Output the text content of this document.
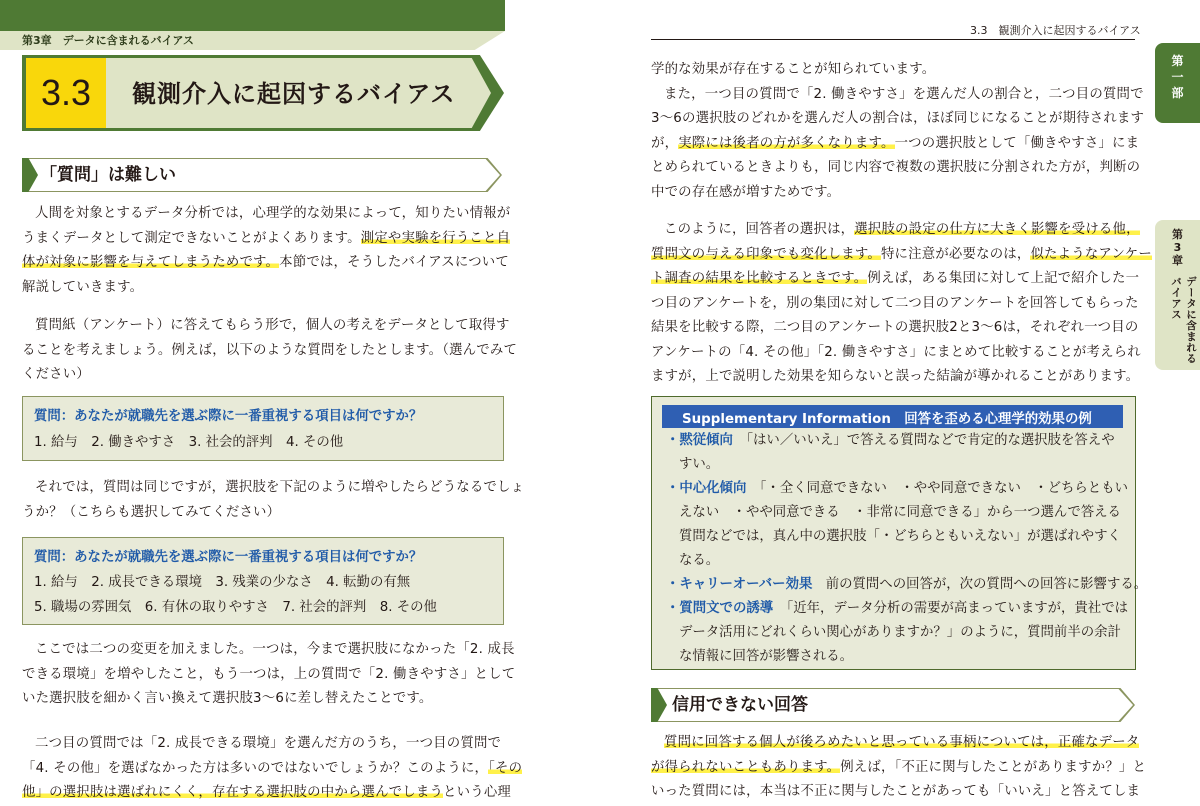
第3章　データに含まれるバイアス
3.3	観測介入に起因するバイアス
「質問」は難しい

人間を対象とするデータ分析では，心理学的な効果によって，知りたい情報が

うまくデータとして測定できないことがよくあります。測定や実験を行うこと自

体が対象に影響を与えてしまうためです。本節では，そうしたバイアスについて

解説していきます。

質問紙（アンケート）に答えてもらう形で，個人の考えをデータとして取得す

ることを考えましょう。例えば，以下のような質問をしたとします。（選んでみて

ください）

質問：あなたが就職先を選ぶ際に一番重視する項目は何ですか？
1. 給与　2. 働きやすさ　3. 社会的評判　4. その他

それでは，質問は同じですが，選択肢を下記のように増やしたらどうなるでしょ

うか？（こちらも選択してみてください）

質問：あなたが就職先を選ぶ際に一番重視する項目は何ですか？
1. 給与　2. 成長できる環境　3. 残業の少なさ　4. 転勤の有無
5. 職場の雰囲気　6. 有休の取りやすさ　7. 社会的評判　8. その他

ここでは二つの変更を加えました。一つは，今まで選択肢になかった「2. 成長

できる環境」を増やしたこと，もう一つは，上の質問で「2. 働きやすさ」として

いた選択肢を細かく言い換えて選択肢3〜6に差し替えたことです。

二つ目の質問では「2. 成長できる環境」を選んだ方のうち，一つ目の質問で

「4. その他」を選ばなかった方は多いのではないでしょうか？このように，「その

他」の選択肢は選ばれにくく，存在する選択肢の中から選んでしまうという心理

3.3　観測介入に起因するバイアス

学的な効果が存在することが知られています。

また，一つ目の質問で「2. 働きやすさ」を選んだ人の割合と，二つ目の質問で

3〜6の選択肢のどれかを選んだ人の割合は，ほぼ同じになることが期待されます

が，実際には後者の方が多くなります。一つの選択肢として「働きやすさ」にま

とめられているときよりも，同じ内容で複数の選択肢に分割された方が，判断の

中での存在感が増すためです。

このように，回答者の選択は，選択肢の設定の仕方に大きく影響を受ける他，

質問文の与える印象でも変化します。特に注意が必要なのは，似たようなアンケー

ト調査の結果を比較するときです。例えば，ある集団に対して上記で紹介した一

つ目のアンケートを，別の集団に対して二つ目のアンケートを回答してもらった

結果を比較する際，二つ目のアンケートの選択肢2と3〜6は，それぞれ一つ目の

アンケートの「4. その他」「2. 働きやすさ」にまとめて比較することが考えられ

ますが，上で説明した効果を知らないと誤った結論が導かれることがあります。

Supplementary Information　回答を歪める心理学的効果の例
・黙従傾向　 「はい／いいえ」で答える質問などで肯定的な選択肢を答えや
すい。
・中心化傾向　 「・全く同意できない　・やや同意できない　・どちらともい
えない　・やや同意できる　・非常に同意できる」から一つ選んで答える
質問などでは，真ん中の選択肢「・どちらともいえない」が選ばれやすく
なる。
・キャリーオーバー効果　 前の質問への回答が，次の質問への回答に影響する。
・質問文での誘導　 「近年，データ分析の需要が高まっていますが，貴社では
データ活用にどれくらい関心がありますか？」のように，質問前半の余計
な情報に回答が影響される。
信用できない回答

質問に回答する個人が後ろめたいと思っている事柄については，正確なデータ

が得られないこともあります。例えば，「不正に関与したことがありますか？」と

いった質問には，本当は不正に関与したことがあっても「いいえ」と答えてしま

第
一
部
第
3
章
データに含まれるバイアス
